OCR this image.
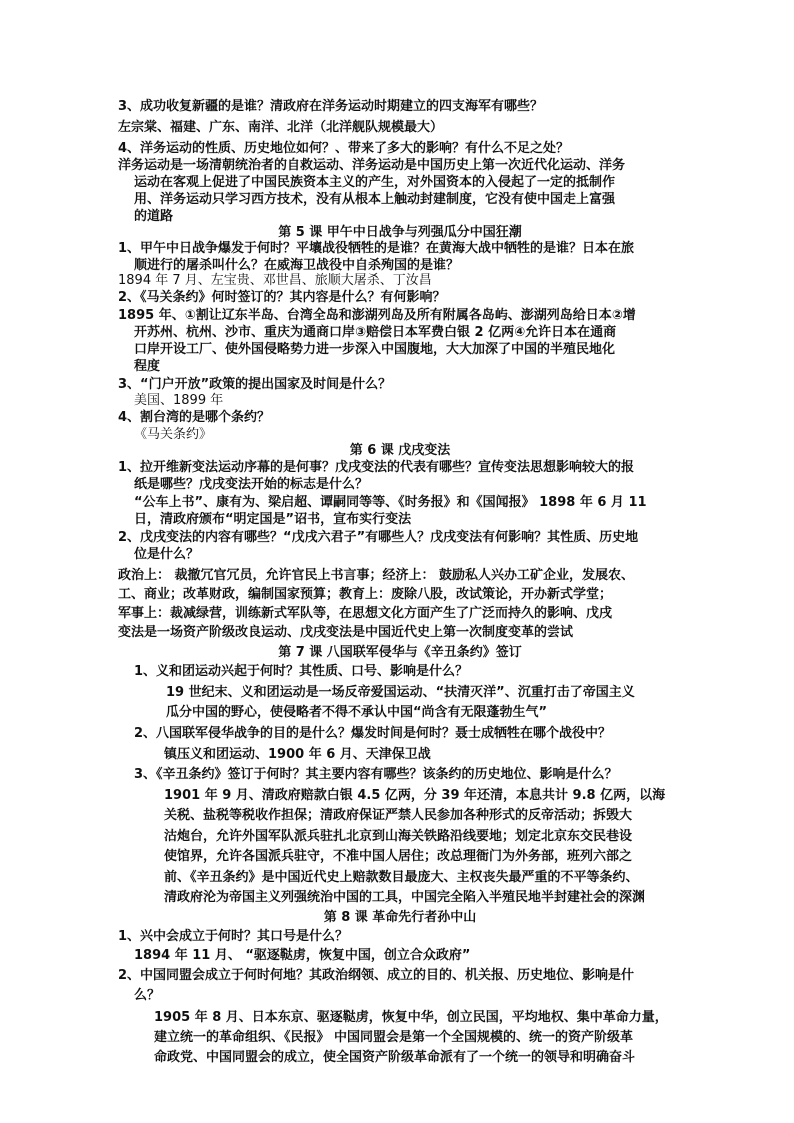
3、成功收复新疆的是谁？清政府在洋务运动时期建立的四支海军有哪些？
左宗棠、福建、广东、南洋、北洋（北洋舰队规模最大）
4、洋务运动的性质、历史地位如何？、带来了多大的影响？有什么不足之处？
洋务运动是一场清朝统治者的自救运动、洋务运动是中国历史上第一次近代化运动、洋务
运动在客观上促进了中国民族资本主义的产生，对外国资本的入侵起了一定的抵制作
用、洋务运动只学习西方技术，没有从根本上触动封建制度，它没有使中国走上富强
的道路
第 5 课 甲午中日战争与列强瓜分中国狂潮
1、甲午中日战争爆发于何时？平壤战役牺牲的是谁？在黄海大战中牺牲的是谁？日本在旅
顺进行的屠杀叫什么？在威海卫战役中自杀殉国的是谁？
1894 年 7 月、左宝贵、邓世昌、旅顺大屠杀、丁汝昌
2、《马关条约》何时签订的？其内容是什么？有何影响？
1895 年、①割让辽东半岛、台湾全岛和澎湖列岛及所有附属各岛屿、澎湖列岛给日本②增
开苏州、杭州、沙市、重庆为通商口岸③赔偿日本军费白银 2 亿两④允许日本在通商
口岸开设工厂、使外国侵略势力进一步深入中国腹地，大大加深了中国的半殖民地化
程度
3、“门户开放”政策的提出国家及时间是什么？
美国、1899 年
4、割台湾的是哪个条约？
《马关条约》
第 6 课 戊戌变法
1、拉开维新变法运动序幕的是何事？戊戌变法的代表有哪些？宣传变法思想影响较大的报
纸是哪些？戊戌变法开始的标志是什么？
“公车上书”、康有为、梁启超、谭嗣同等等、《时务报》和《国闻报》 1898 年 6 月 11
日，清政府颁布“明定国是”诏书，宣布实行变法
2、戊戌变法的内容有哪些？“戊戌六君子”有哪些人？戊戌变法有何影响？其性质、历史地
位是什么？
政治上： 裁撤冗官冗员，允许官民上书言事；经济上： 鼓励私人兴办工矿企业，发展农、
工、商业；改革财政，编制国家预算；教育上：废除八股，改试策论，开办新式学堂；
军事上：裁减绿营，训练新式军队等，在思想文化方面产生了广泛而持久的影响、戊戌
变法是一场资产阶级改良运动、戊戌变法是中国近代史上第一次制度变革的尝试
第 7 课 八国联军侵华与《辛丑条约》签订
1、义和团运动兴起于何时？其性质、口号、影响是什么？
19 世纪末、义和团运动是一场反帝爱国运动、“扶清灭洋”、沉重打击了帝国主义
瓜分中国的野心，使侵略者不得不承认中国“尚含有无限蓬勃生气”
2、八国联军侵华战争的目的是什么？爆发时间是何时？聂士成牺牲在哪个战役中？
镇压义和团运动、1900 年 6 月、天津保卫战
3、《辛丑条约》签订于何时？其主要内容有哪些？该条约的历史地位、影响是什么？
1901 年 9 月、清政府赔款白银 4.5 亿两，分 39 年还清，本息共计 9.8 亿两，以海
关税、盐税等税收作担保；清政府保证严禁人民参加各种形式的反帝活动；拆毁大
沽炮台，允许外国军队派兵驻扎北京到山海关铁路沿线要地；划定北京东交民巷设
使馆界，允许各国派兵驻守，不准中国人居住；改总理衙门为外务部，班列六部之
前、《辛丑条约》是中国近代史上赔款数目最庞大、主权丧失最严重的不平等条约、
清政府沦为帝国主义列强统治中国的工具，中国完全陷入半殖民地半封建社会的深渊
第 8 课 革命先行者孙中山
1、兴中会成立于何时？其口号是什么？
1894 年 11 月、 “驱逐鞑虏，恢复中国，创立合众政府”
2、中国同盟会成立于何时何地？其政治纲领、成立的目的、机关报、历史地位、影响是什
么？
1905 年 8 月、日本东京、驱逐鞑虏，恢复中华，创立民国，平均地权、集中革命力量，
建立统一的革命组织、《民报》 中国同盟会是第一个全国规模的、统一的资产阶级革
命政党、中国同盟会的成立，使全国资产阶级革命派有了一个统一的领导和明确奋斗
